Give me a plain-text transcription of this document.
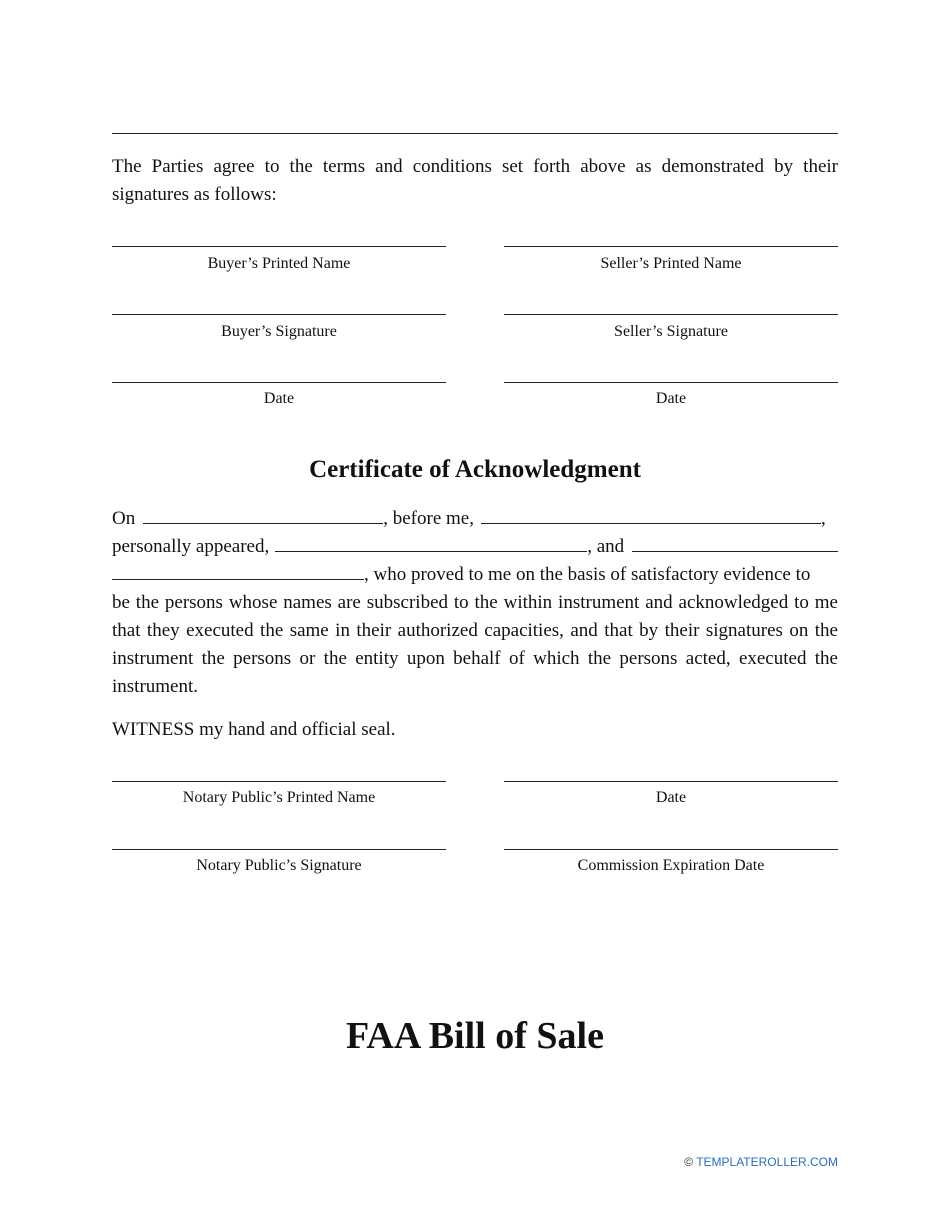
The Parties agree to the terms and conditions set forth above as demonstrated by their signatures as follows:

Buyer’s Printed Name	Seller’s Printed Name
Buyer’s Signature	Seller’s Signature
Date	Date
Certificate of Acknowledgment
On	, before me,	,
personally appeared,	, and
, who proved to me on the basis of satisfactory evidence to

be the persons whose names are subscribed to the within instrument and acknowledged to me that they executed the same in their authorized capacities, and that by their signatures on the instrument the persons or the entity upon behalf of which the persons acted, executed the instrument.

WITNESS my hand and official seal.
Notary Public’s Printed Name	Date
Notary Public’s Signature	Commission Expiration Date
FAA Bill of Sale
© TEMPLATEROLLER.COM
